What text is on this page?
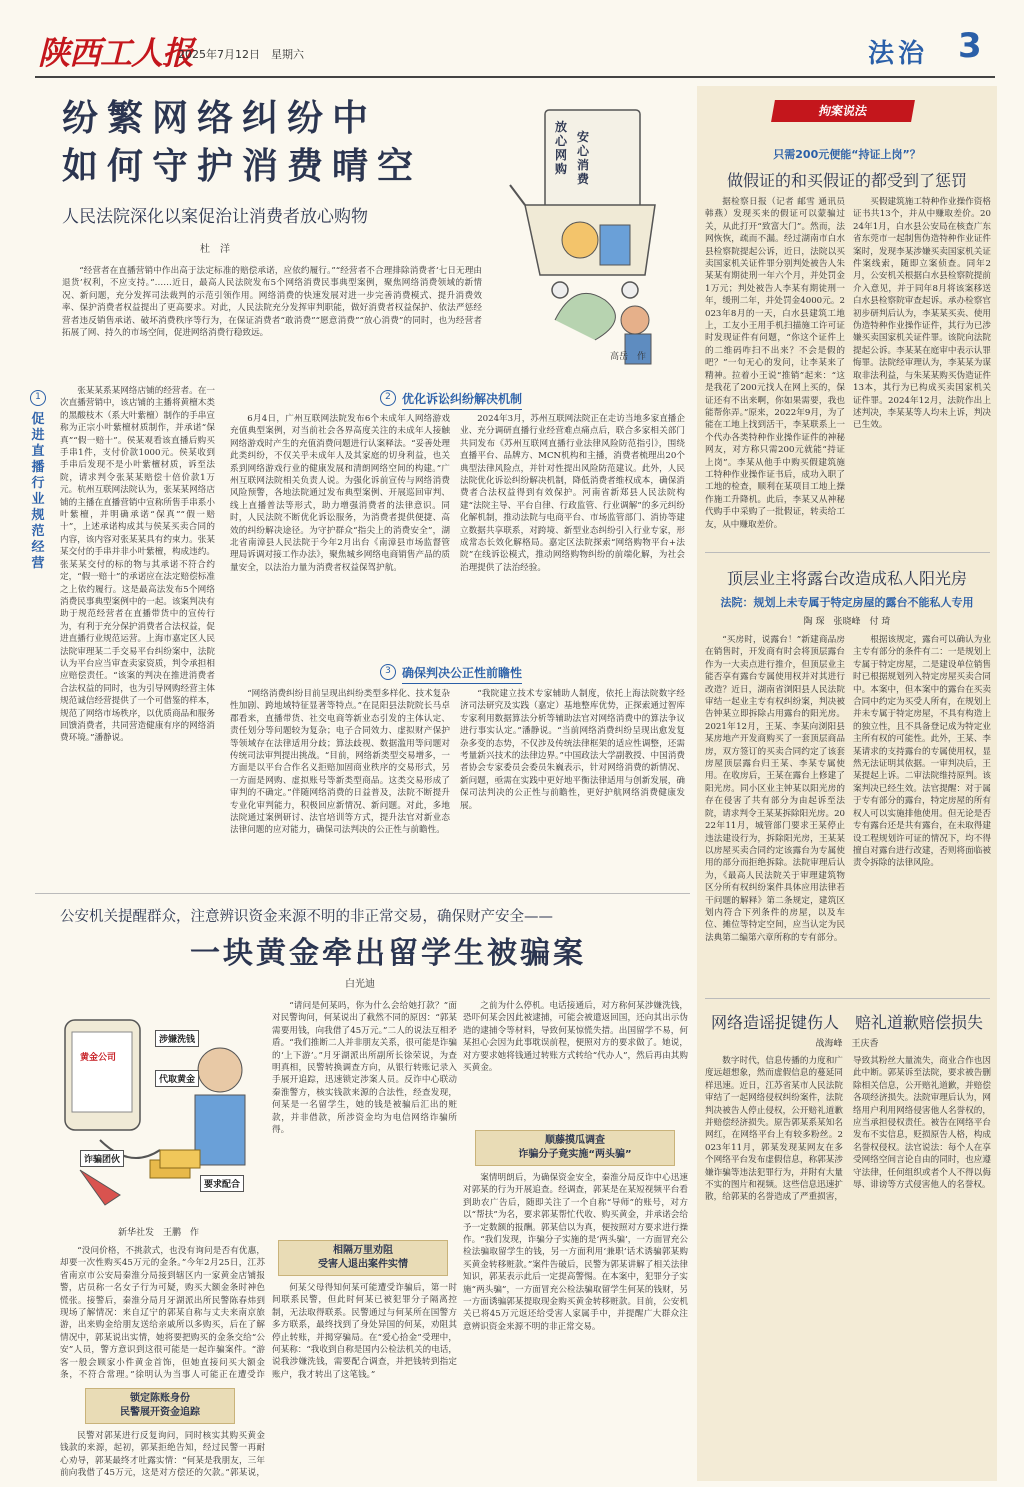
陕西工人报
2025年7月12日　星期六	法治 3
纷繁网络纠纷中
如何守护消费晴空
人民法院深化以案促治让消费者放心购物
杜　洋
“经营者在直播营销中作出高于法定标准的赔偿承诺，应依约履行。”“经营者不合理排除消费者‘七日无理由退货’权利，不应支持。”……近日，最高人民法院发布5个网络消费民事典型案例，聚焦网络消费领域的新情况、新问题，充分发挥司法裁判的示范引领作用。网络消费的快速发展对进一步完善消费模式、提升消费效率、保护消费者权益提出了更高要求。对此，人民法院充分发挥审判职能，做好消费者权益保护、依法严惩经营者违反销售承诺、破坏消费秩序等行为，在保证消费者“敢消费”“愿意消费”“放心消费”的同时，也为经营者拓展了网、持久的市场空间，促进网络消费行稳致远。
放心网购
安心消费
高岳　作
1
促进直播行业规范经营
张某某系某网络店铺的经营者。在一次直播营销中，该店铺的主播将黄檀木类的黑酸枝木（系大叶紫檀）制作的手串宣称为正宗小叶紫檀材质制作，并承诺“保真”“假一赔十”。侯某观看该直播后购买手串1件，支付价款1000元。侯某收到手串后发现不是小叶紫檀材质，诉至法院，请求判令张某某赔偿十倍价款1万元。杭州互联网法院认为，张某某网络店铺的主播在直播营销中宣称所售手串系小叶紫檀，并明确承诺“保真”“假一赔十”，上述承诺构成其与侯某买卖合同的内容，该内容对张某某具有约束力。张某某交付的手串并非小叶紫檀，构成违约。张某某交付的标的物与其承诺不符合约定，“假一赔十”的承诺应在法定赔偿标准之上依约履行。这是最高法发布5个网络消费民事典型案例中的一起。该案判决有助于规范经营者在直播带货中的宣传行为，有利于充分保护消费者合法权益，促进直播行业规范运营。上海市嘉定区人民法院审理某二手交易平台纠纷案中，法院认为平台应当审查卖家资质，判令承担相应赔偿责任。“该案的判决在推进消费者合法权益的同时，也为引导网购经营主体规范诚信经营提供了一个可借鉴的样本，规范了网络市场秩序，以优质商品和服务回馈消费者，共同营造健康有序的网络消费环境。”潘静说。
2 优化诉讼纠纷解决机制
6月4日，广州互联网法院发布6个未成年人网络游戏充值典型案例，对当前社会各界高度关注的未成年人接触网络游戏时产生的充值消费问题进行认案释法。“妥善处理此类纠纷，不仅关乎未成年人及其家庭的切身利益，也关系到网络游戏行业的健康发展和清朗网络空间的构建。”广州互联网法院相关负责人说。为强化诉前宣传与网络消费风险预警，各地法院通过发布典型案例、开展巡回审判、线上直播普法等形式，助力增强消费者的法律意识。同时，人民法院不断优化诉讼服务，为消费者提供便捷、高效的纠纷解决途径。为守护群众“指尖上的消费安全”，湖北省南漳县人民法院于今年2月出台《南漳县市场监督管理局诉调对接工作办法》，聚焦城乡网络电商销售产品的质量安全，以法治力量为消费者权益保驾护航。
2024年3月，苏州互联网法院正在走访当地多家直播企业、充分调研直播行业经营难点痛点后，联合多家相关部门共同发布《苏州互联网直播行业法律风险防范指引》，围绕直播平台、品牌方、MCN机构和主播，消费者梳理出20个典型法律风险点，并针对性提出风险防范建议。此外，人民法院优化诉讼纠纷解决机制，降低消费者维权成本，确保消费者合法权益得到有效保护。河南省新郑县人民法院构建“法院主导、平台自律、行政监管、行业调解”的多元纠纷化解机制，推动法院与电商平台、市场监管部门、消协等建立数据共享联系，对跨境、新型业态纠纷引入行业专家，形成常态长效化解格局。嘉定区法院探索“网络购物平台+法院”在线诉讼模式，推动网络购物纠纷的前端化解，为社会治理提供了法治经验。
3 确保判决公正性前瞻性
“网络消费纠纷目前呈现出纠纷类型多样化、技术复杂性加剧、跨地域特征显著等特点。”在昆阳县法院院长马卓郡看来，直播带货、社交电商等新业态引发的主体认定、责任划分等问题较为复杂；电子合同效力、虚拟财产保护等领域存在法律适用分歧；算法歧视、数据滥用等问题对传统司法审判提出挑战。“目前，网络新类型交易增多，一方面是以平台合作名义拒赔加固商业秩序的交易形式，另一方面是网购、虚拟账号等新类型商品。这类交易形成了审判的不确定。”伴随网络消费的日益普及，法院不断提升专业化审判能力，积极回应新情况、新问题。对此，多地法院通过案例研讨、法官培训等方式，提升法官对新业态法律问题的应对能力，确保司法判决的公正性与前瞻性。
“我院建立技术专家辅助人制度，依托上海法院数字经济司法研究及实践（嘉定）基地整库优势，正探索通过智库专家利用数据算法分析等辅助法官对网络消费中的算法争议进行事实认定。”潘静说。“当前网络消费纠纷呈现出愈发复杂多变的态势，不仅涉及传统法律框架的适应性调整，还需考量新兴技术的法律边界。”中国政法大学副教授、中国消费者协会专家委员会委员朱巍表示，针对网络消费的新情况、新问题，亟需在实践中更好地平衡法律适用与创新发展，确保司法判决的公正性与前瞻性，更好护航网络消费健康发展。
公安机关提醒群众，注意辨识资金来源不明的非正常交易，确保财产安全——
一块黄金牵出留学生被骗案
白光迪
涉嫌洗钱
代取黄金
诈骗团伙
黄金公司
要求配合
新华社发　王鹏　作
“没问价格，不挑款式，也没有询问是否有优惠，却要一次性购买45万元的金条。”今年2月25日，江苏省南京市公安局秦淮分局接到辖区内一家黄金店铺报警，店员称一名女子行为可疑，购买大额金条时神色慌张。接警后，秦淮分局月牙湖派出所民警陈春炜到现场了解情况：来自辽宁的郭某自称与丈夫来南京旅游，出来购金给朋友送给亲戚所以多购买，后在了解情况中，郭某说出实情，她将要把购买的金条交给“公安”人员，警方意识到这很可能是一起诈骗案件。“游客一般会顾家小件黄金首饰，但她直接问买大额金条，不符合常理。”徐明认为当事人可能正在遭受诈
锁定陈账身份
民警展开资金追踪
民警对郭某进行反复询问，同时核实其购买黄金钱款的来源，起初，郭某拒绝告知，经过民警一再耐心劝导，郭某最终才吐露实情：“何某是我朋友，三年前向我借了45万元，这是对方偿还的欠款。”郭某说，
“请问是何某吗，你为什么会给她打款？”面对民警询问，何某说出了截然不同的原因：“郭某需要用钱，向我借了45万元。”二人的说法互相矛盾。“我们推断二人并非朋友关系，很可能是诈骗的‘上下游’。”月牙湖派出所副所长徐荣说，为查明真相，民警转换调查方向，从银行转账记录入手展开追踪，迅速锁定涉案人员。反诈中心联动秦淮警方，核实钱款来源的合法性，经查发现，何某是一名留学生，她的钱是被骗后汇出的赃款，并非借款，所涉资金均为电信网络诈骗所得。
相隔万里劝阻
受害人退出案件实情
何某父母得知何某可能遭受诈骗后，第一时间联系民警，但此时何某已被犯罪分子隔离控制，无法取得联系。民警通过与何某所在国警方多方联系，最终找到了身处异国的何某，劝阻其停止转账，并揭穿骗局。在“爱心拾金”受理中，何某称：“我收到自称是国内公检法机关的电话，说我涉嫌洗钱，需要配合调查，并把钱转到指定账户，我才转出了这笔钱。”
之前为什么停机。电话接通后，对方称何某涉嫌洗钱，恐吓何某会因此被逮捕，可能会被遣返回国，还向其出示伪造的逮捕令等材料，导致何某惊慌失措。出国留学不易，何某担心会因为此事耽误前程，便照对方的要求做了。她说，对方要求她将钱通过转账方式转给“代办人”，然后再由其购买黄金。
顺藤摸瓜调查
诈骗分子竟实施“两头骗”
案情明朗后，为确保资金安全，秦淮分局反诈中心迅速对郭某的行为开展追查。经调查，郭某是在某短视频平台看到助农广告后，随即关注了一个自称“导师”的账号，对方以“帮扶”为名，要求郭某帮忙代收、购买黄金，并承诺会给予一定数额的报酬。郭某信以为真，便按照对方要求进行操作。“我们发现，诈骗分子实施的是‘两头骗’，一方面冒充公检法骗取留学生的钱，另一方面利用‘兼职’话术诱骗郭某购买黄金转移赃款。”案件告破后，民警为郭某讲解了相关法律知识，郭某表示此后一定提高警惕。在本案中，犯罪分子实施“两头骗”，一方面冒充公检法骗取留学生何某的钱财，另一方面诱骗郭某提取现金购买黄金转移赃款。目前，公安机关已将45万元返还给受害人家属手中，并提醒广大群众注意辨识资金来源不明的非正常交易。
拘案说法
只需200元便能“持证上岗”？
做假证的和买假证的都受到了惩罚
据检察日报（记者 邮雪 通讯员 韩燕）发现买来的假证可以蒙骗过关，从此打开“致富大门”。然而，法网恢恢，疏而不漏。经过湖南市白水县检察院提起公诉，近日，法院以买卖国家机关证件罪分别判处被告人朱某某有期徒刑一年六个月，并处罚金1万元；判处被告人李某有期徒刑一年，缓刑二年，并处罚金4000元。2023年8月的一天，白水县建筑工地上，工友小王用手机扫描施工许可证时发现证件有问题，“你这个证件上的二维码咋扫不出来？不会是假的吧？”一句无心的发问，让李某来了精神。拉着小王说“推销”起来：“这是我花了200元找人在网上买的，保证还有不出来啊，你如果需要，我也能帮你弄。”原来，2022年9月，为了能在工地上找到活干，李某联系上一个代办各类特种作业操作证件的神秘网友，对方称只需200元就能“持证上岗”。李某从他手中购买假建筑施工特种作业操作证书后，成功入职了工地的检查，顺利在某项目工地上操作施工升降机。此后，李某又从神秘代购手中采购了一批假证，转卖给工友，从中赚取差价。
买假建筑施工特种作业操作资格证书共13个，并从中赚取差价。2024年1月，白水县公安局在核查广东省东莞市一起制售伪造特种作业证件案时，发现李某涉嫌买卖国家机关证件案线索，随即立案侦查。同年2月，公安机关根据白水县检察院提前介入意见，并于同年8月将该案移送白水县检察院审查起诉。承办检察官初步研判后认为，李某某买卖、使用伪造特种作业操作证件，其行为已涉嫌买卖国家机关证件罪。该院向法院提起公诉。李某某在庭审中表示认罪悔罪。法院经审理认为，李某某为谋取非法利益，与朱某某购买伪造证件13本，其行为已构成买卖国家机关证件罪。2024年12月，法院作出上述判决，李某某等人均未上诉，判决已生效。
顶层业主将露台改造成私人阳光房
法院：规划上未专属于特定房屋的露台不能私人专用
陶 琛　张晓峰　付 琦
“买房时，说露台！”新建商品房在销售时，开发商有时会将顶层露台作为一大卖点进行推介，但顶层业主能否享有露台专属使用权并对其进行改造？近日，湖南省浏阳县人民法院审结一起业主专有权纠纷案，判决被告钟某立即拆除占用露台的阳光房。2021年12月，王某、李某向浏阳县某房地产开发商购买了一套顶层商品房，双方签订的买卖合同约定了该套房屋顶层露台归王某、李某专属使用。在收房后，王某在露台上修建了阳光房。同小区业主钟某以阳光房的存在侵害了共有部分为由起诉至法院，请求判令王某某拆除阳光房。2022年11月，城管部门要求王某停止违法建设行为，拆除阳光房，王某某以房屋买卖合同约定该露台为专属使用的部分而拒绝拆除。法院审理后认为，《最高人民法院关于审理建筑物区分所有权纠纷案件具体应用法律若干问题的解释》第二条规定，建筑区划内符合下列条件的房屋，以及车位、摊位等特定空间，应当认定为民法典第二编第六章所称的专有部分。
根据该规定，露台可以确认为业主专有部分的条件有二：一是规划上专属于特定房屋，二是建设单位销售时已根据规划列入特定房屋买卖合同中。本案中，但本案中的露台在买卖合同中约定为买受人所有，在规划上并未专属于特定房屋，不具有构造上的独立性，且不具备登记成为特定业主所有权的可能性。此外，王某、李某请求的支持露台的专属使用权，显然无法证明其依据。一审判决后，王某提起上诉。二审法院维持原判。该案判决已经生效。法官提醒：对于属于专有部分的露台，特定房屋的所有权人可以实施排他使用。但无论是否专有露台还是共有露台，在未取得建设工程规划许可证的情况下，均不得擅自对露台进行改建，否则将面临被责令拆除的法律风险。
网络造谣捉键伤人　赔礼道歉赔偿损失
战海峰　王庆香
数字时代，信息传播的力度和广度远超想象，然而虚假信息的蔓延同样迅速。近日，江苏省某市人民法院审结了一起网络侵权纠纷案件，法院判决被告人停止侵权，公开赔礼道歉并赔偿经济损失。原告郭某系某知名网红，在网络平台上有较多粉丝。2023年11月，郭某发现某网友在多个网络平台发布虚假信息，称郭某涉嫌诈骗等违法犯罪行为，并附有大量不实的图片和视频。这些信息迅速扩散，给郭某的名誉造成了严重损害，导致其粉丝大量流失，商业合作也因此中断。郭某诉至法院，要求被告删除相关信息，公开赔礼道歉，并赔偿各项经济损失。法院审理后认为，网络用户利用网络侵害他人名誉权的，应当承担侵权责任。被告在网络平台发布不实信息，贬损原告人格，构成名誉权侵权。法官说法：每个人在享受网络空间言论自由的同时，也应遵守法律，任何组织或者个人不得以侮辱、诽谤等方式侵害他人的名誉权。
